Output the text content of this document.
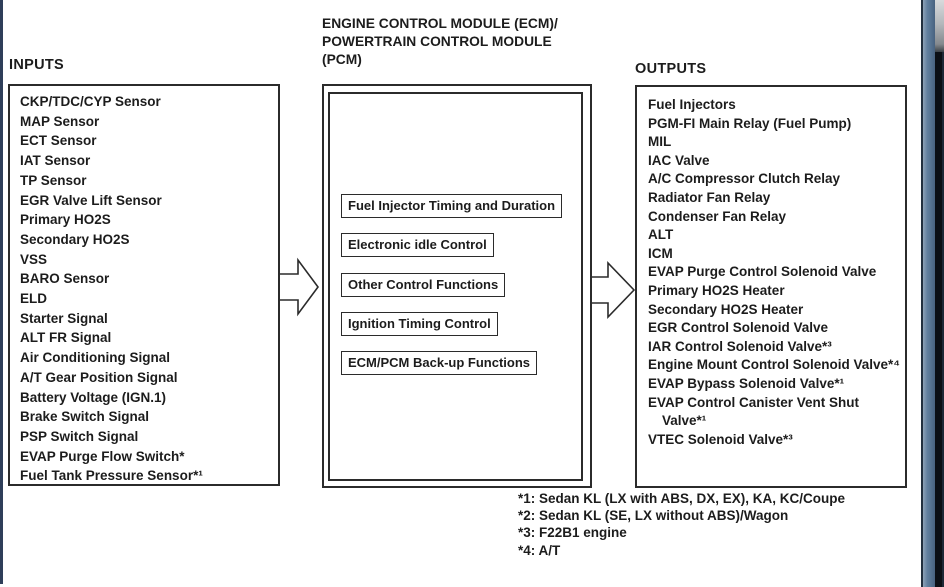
INPUTS
CKP/TDC/CYP Sensor
MAP Sensor
ECT Sensor
IAT Sensor
TP Sensor
EGR Valve Lift Sensor
Primary HO2S
Secondary HO2S
VSS
BARO Sensor
ELD
Starter Signal
ALT FR Signal
Air Conditioning Signal
A/T Gear Position Signal
Battery Voltage (IGN.1)
Brake Switch Signal
PSP Switch Signal
EVAP Purge Flow Switch*
Fuel Tank Pressure Sensor*¹
ENGINE CONTROL MODULE (ECM)/
POWERTRAIN CONTROL MODULE
(PCM)
Fuel Injector Timing and Duration
Electronic idle Control
Other Control Functions
Ignition Timing Control
ECM/PCM Back-up Functions
OUTPUTS
Fuel Injectors
PGM-FI Main Relay (Fuel Pump)
MIL
IAC Valve
A/C Compressor Clutch Relay
Radiator Fan Relay
Condenser Fan Relay
ALT
ICM
EVAP Purge Control Solenoid Valve
Primary HO2S Heater
Secondary HO2S Heater
EGR Control Solenoid Valve
IAR Control Solenoid Valve*³
Engine Mount Control Solenoid Valve*⁴
EVAP Bypass Solenoid Valve*¹
EVAP Control Canister Vent Shut Valve*¹
VTEC Solenoid Valve*³
*1: Sedan KL (LX with ABS, DX, EX), KA, KC/Coupe
*2: Sedan KL (SE, LX without ABS)/Wagon
*3: F22B1 engine
*4: A/T
